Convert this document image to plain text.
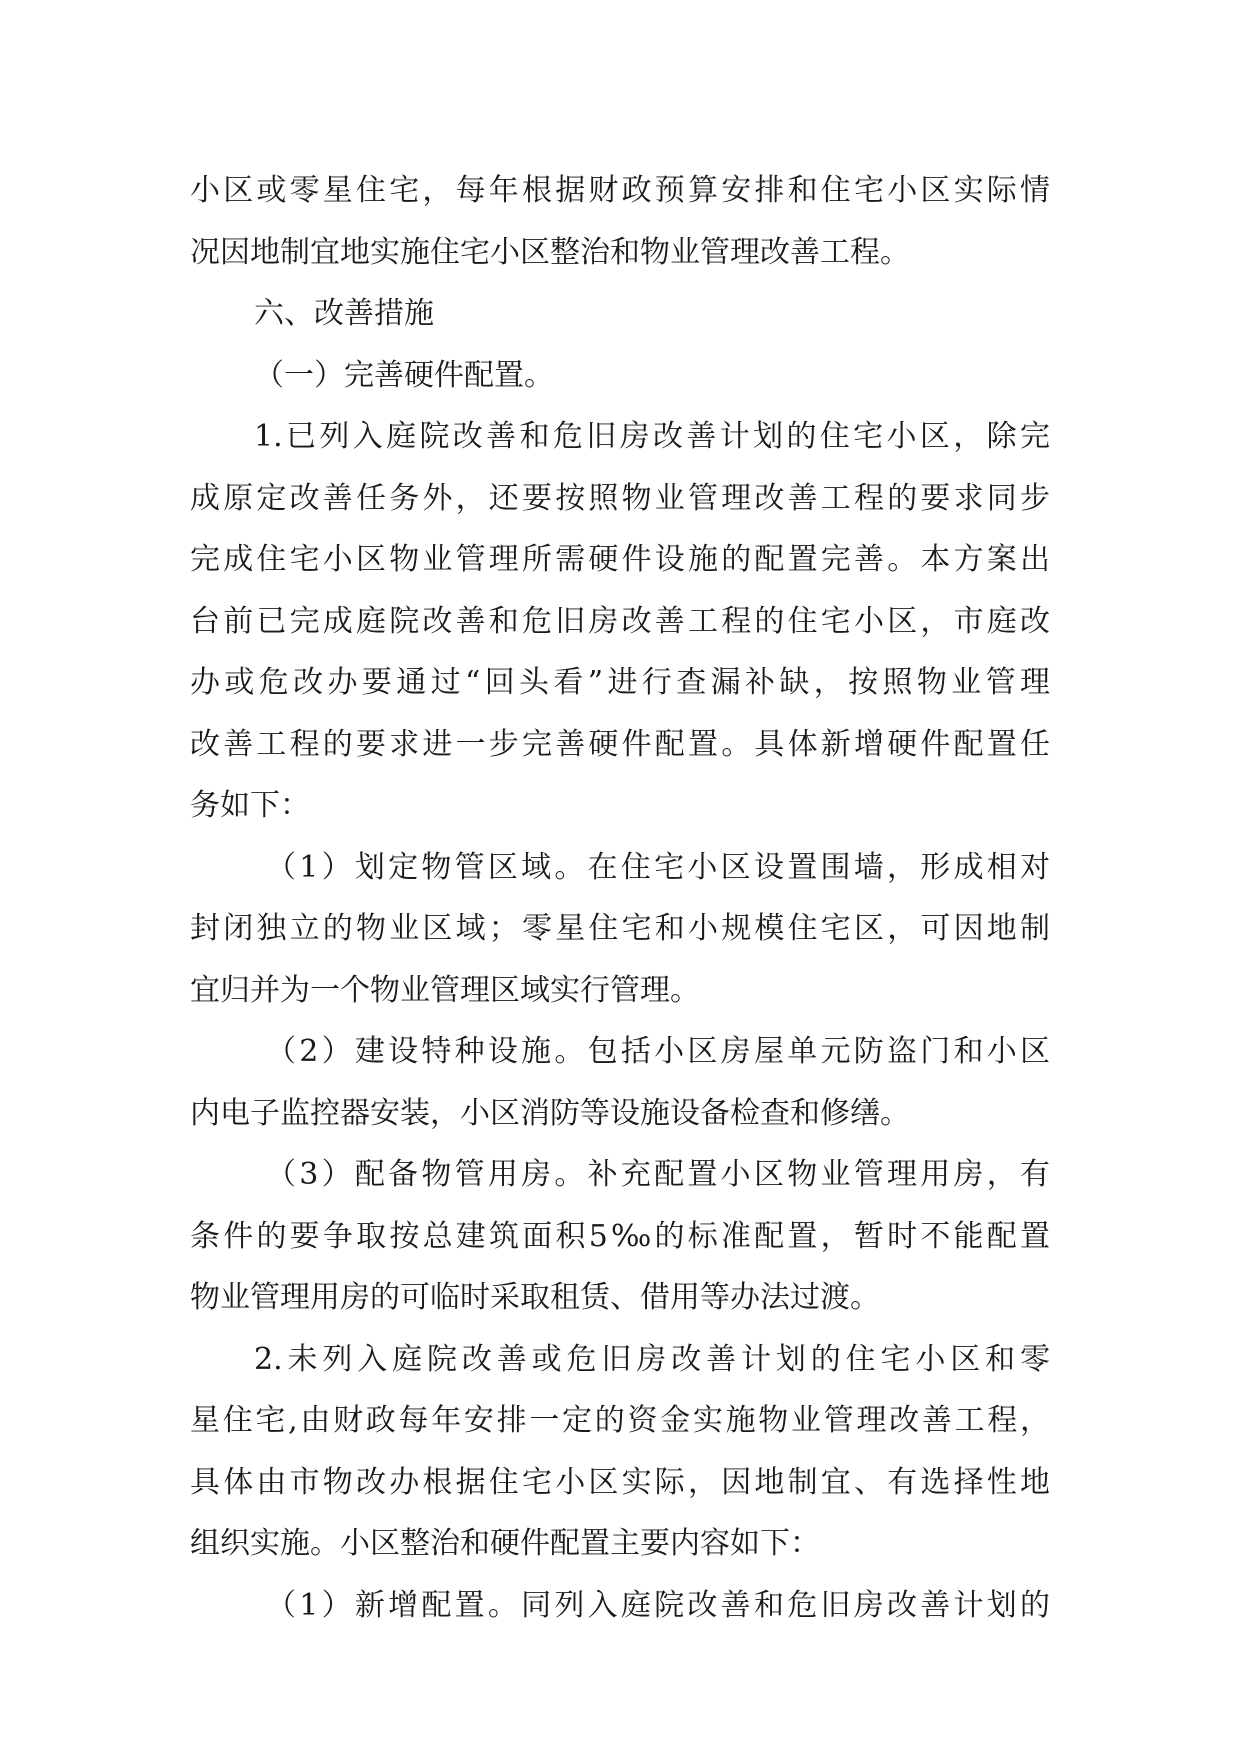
小区或零星住宅，每年根据财政预算安排和住宅小区实际情
况因地制宜地实施住宅小区整治和物业管理改善工程。
六、改善措施
（一）完善硬件配置。
1.已列入庭院改善和危旧房改善计划的住宅小区，除完
成原定改善任务外，还要按照物业管理改善工程的要求同步
完成住宅小区物业管理所需硬件设施的配置完善。本方案出
台前已完成庭院改善和危旧房改善工程的住宅小区，市庭改
办或危改办要通过“回头看”进行查漏补缺，按照物业管理
改善工程的要求进一步完善硬件配置。具体新增硬件配置任
务如下：
（1）划定物管区域。在住宅小区设置围墙，形成相对
封闭独立的物业区域；零星住宅和小规模住宅区，可因地制
宜归并为一个物业管理区域实行管理。
（2）建设特种设施。包括小区房屋单元防盗门和小区
内电子监控器安装，小区消防等设施设备检查和修缮。
（3）配备物管用房。补充配置小区物业管理用房，有
条件的要争取按总建筑面积5‰的标准配置，暂时不能配置
物业管理用房的可临时采取租赁、借用等办法过渡。
2.未列入庭院改善或危旧房改善计划的住宅小区和零
星住宅,由财政每年安排一定的资金实施物业管理改善工程，
具体由市物改办根据住宅小区实际，因地制宜、有选择性地
组织实施。小区整治和硬件配置主要内容如下：
（1）新增配置。同列入庭院改善和危旧房改善计划的
